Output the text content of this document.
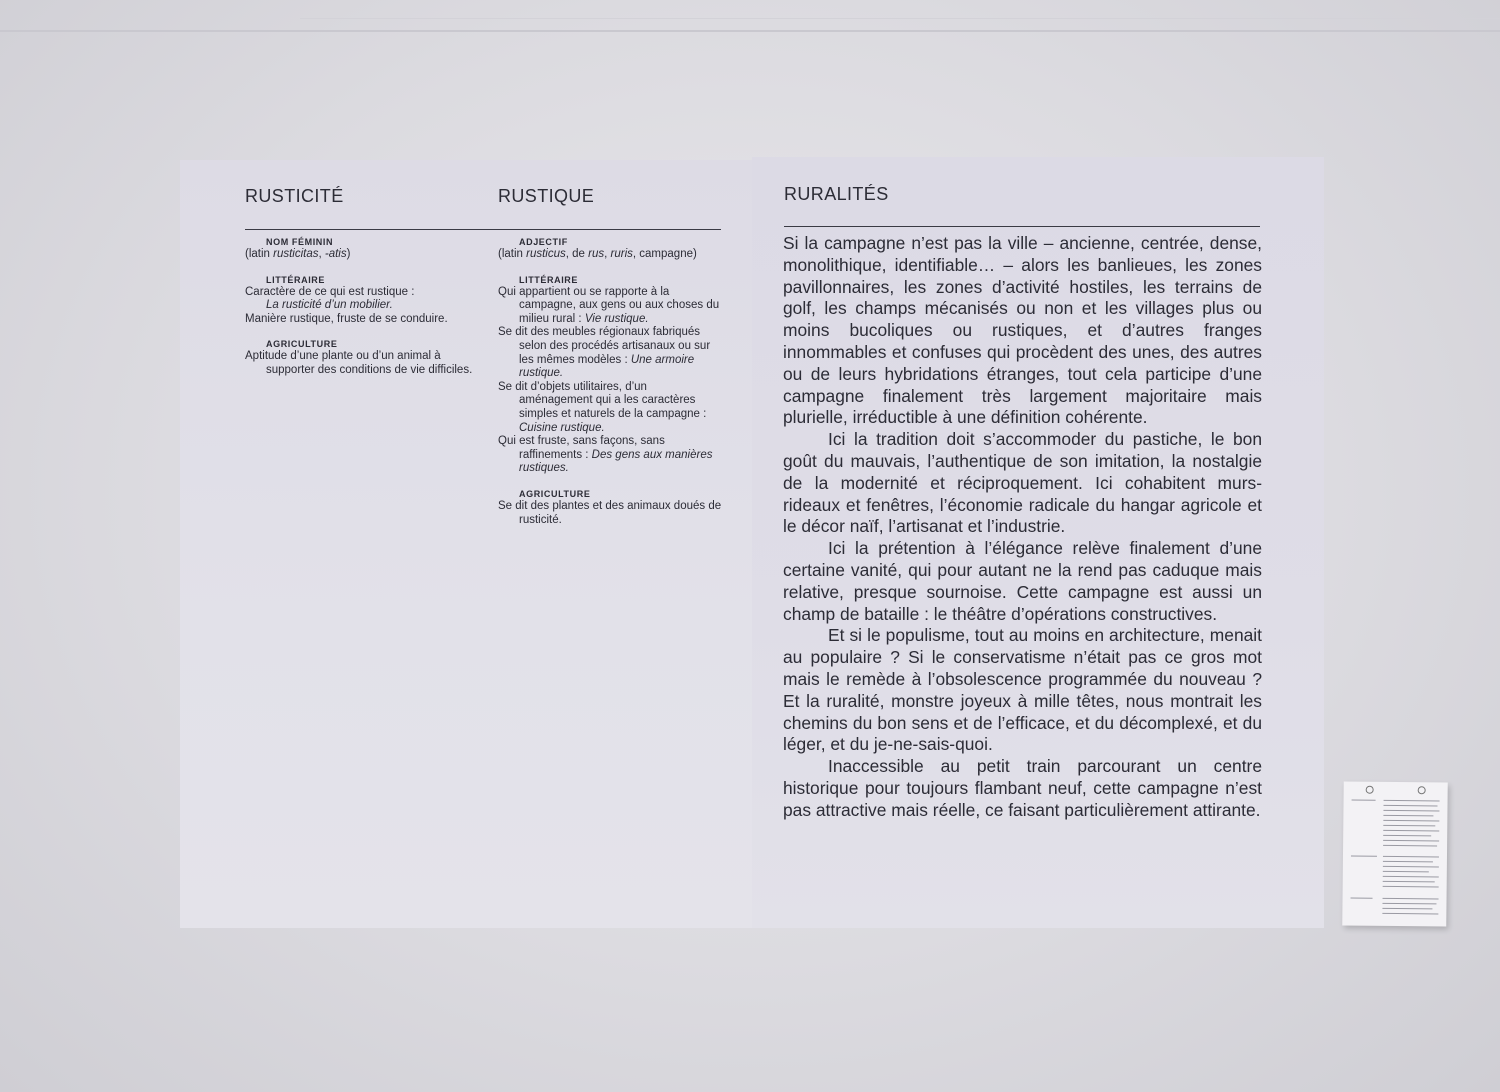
RUSTICITÉ	RUSTIQUE
NOM FÉMININ
(latin rusticitas, -atis)
LITTÉRAIRE
Caractère de ce qui est rustique :
La rusticité d’un mobilier.
Manière rustique, fruste de se conduire.
AGRICULTURE
Aptitude d’une plante ou d’un animal à supporter des conditions de vie difficiles.
ADJECTIF
(latin rusticus, de rus, ruris, campagne)
LITTÉRAIRE
Qui appartient ou se rapporte à la campagne, aux gens ou aux choses du milieu rural : Vie rustique.
Se dit des meubles régionaux fabriqués selon des procédés artisanaux ou sur les mêmes modèles : Une armoire rustique.
Se dit d’objets utilitaires, d’un aménagement qui a les caractères simples et naturels de la campagne : Cuisine rustique.
Qui est fruste, sans façons, sans raffinements : Des gens aux manières rustiques.
AGRICULTURE
Se dit des plantes et des animaux doués de rusticité.
RURALITÉS

Si la campagne n’est pas la ville – ancienne, centrée, dense, monolithique, identifiable… – alors les banlieues, les zones pavillonnaires, les zones d’activité hostiles, les terrains de golf, les champs mécanisés ou non et les villages plus ou moins bucoliques ou rustiques, et d’autres franges innommables et confuses qui procèdent des unes, des autres ou de leurs hybridations étranges, tout cela participe d’une campagne finalement très largement majoritaire mais plurielle, irréductible à une définition cohérente.

Ici la tradition doit s’accommoder du pastiche, le bon goût du mauvais, l’authentique de son imitation, la nostalgie de la modernité et réciproquement. Ici cohabitent murs-rideaux et fenêtres, l’économie radicale du hangar agricole et le décor naïf, l’artisanat et l’industrie.

Ici la prétention à l’élégance relève finalement d’une certaine vanité, qui pour autant ne la rend pas caduque mais relative, presque sournoise. Cette campagne est aussi un champ de bataille : le théâtre d’opérations constructives.

Et si le populisme, tout au moins en architecture, menait au populaire ? Si le conservatisme n’était pas ce gros mot mais le remède à l’obsolescence programmée du nouveau ? Et la ruralité, monstre joyeux à mille têtes, nous montrait les chemins du bon sens et de l’efficace, et du décomplexé, et du léger, et du je-ne-sais-quoi.

Inaccessible au petit train parcourant un centre historique pour toujours flambant neuf, cette campagne n’est pas attractive mais réelle, ce faisant particulièrement attirante.
